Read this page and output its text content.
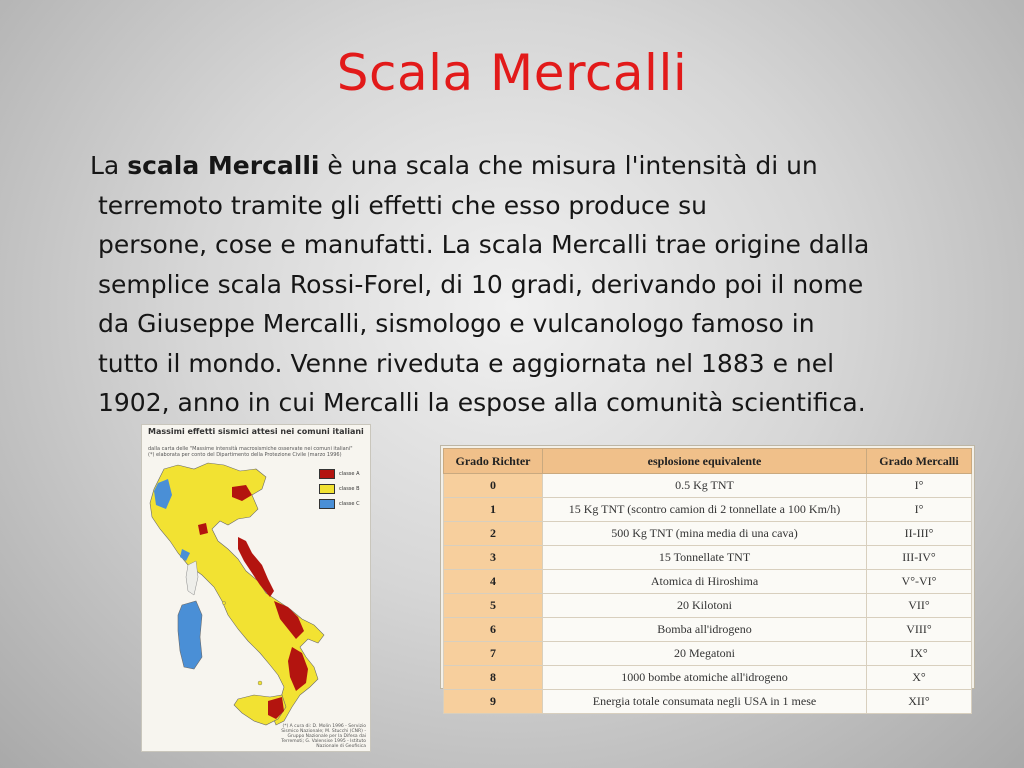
Scala Mercalli
La scala Mercalli è una scala che misura l'intensità di un
terremoto tramite gli effetti che esso produce su
persone, cose e manufatti. La scala Mercalli trae origine dalla
semplice scala Rossi-Forel, di 10 gradi, derivando poi il nome
da Giuseppe Mercalli, sismologo e vulcanologo famoso in
tutto il mondo. Venne riveduta e aggiornata nel 1883 e nel
1902, anno in cui Mercalli la espose alla comunità scientifica.
Massimi effetti sismici attesi nei comuni italiani
dalla carta delle "Massime intensità macrosismiche osservate nei comuni italiani" (*) elaborata per conto del Dipartimento della Protezione Civile (marzo 1996)
classe A
classe B
classe C
(*) A cura di: D. Molin 1996 - Servizio Sismico Nazionale; M. Stucchi (CNR) - Gruppo Nazionale per la Difesa dai Terremoti; G. Valensise 1995 - Istituto Nazionale di Geofisica
Grado Richter	esplosione equivalente	Grado Mercalli
0	0.5 Kg TNT	I°
1	15 Kg TNT (scontro camion di 2 tonnellate a 100 Km/h)	I°
2	500 Kg TNT (mina media di una cava)	II-III°
3	15 Tonnellate TNT	III-IV°
4	Atomica di Hiroshima	V°-VI°
5	20 Kilotoni	VII°
6	Bomba all'idrogeno	VIII°
7	20 Megatoni	IX°
8	1000 bombe atomiche all'idrogeno	X°
9	Energia totale consumata negli USA in 1 mese	XII°
